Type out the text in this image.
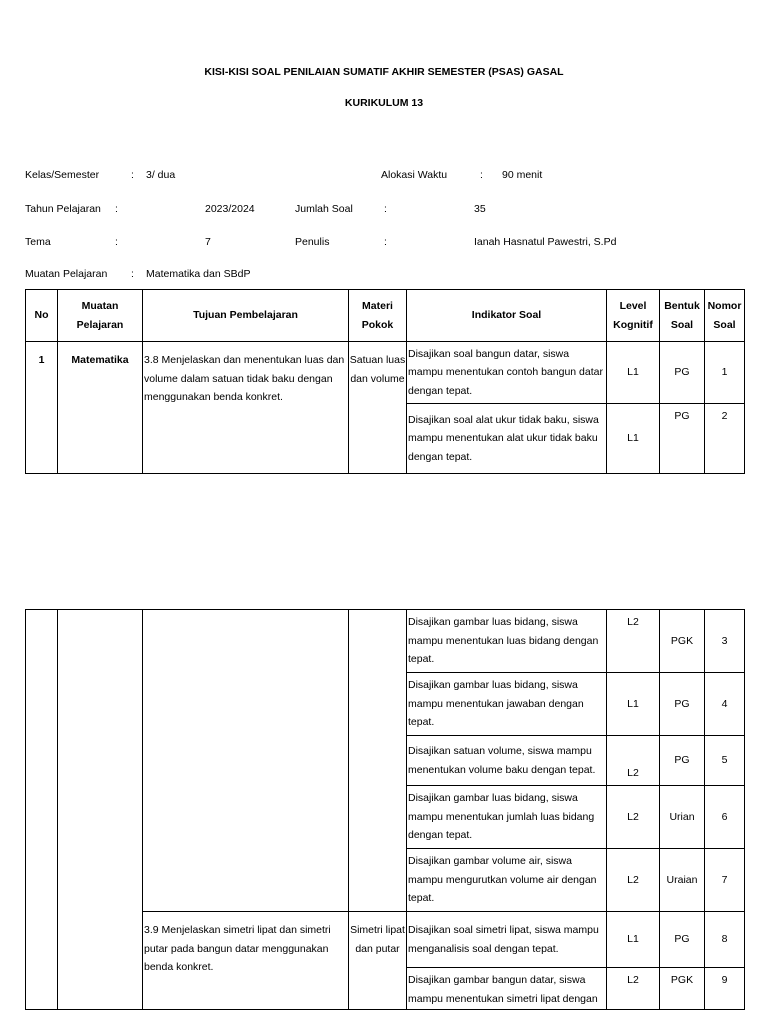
KISI-KISI SOAL PENILAIAN SUMATIF AKHIR SEMESTER (PSAS) GASAL
KURIKULUM 13
Kelas/Semester	: 3/ dua	Alokasi Waktu	: 90 menit
Tahun Pelajaran :	2023/2024	Jumlah Soal	:	35
Tema	:	7	Penulis	:	Ianah Hasnatul Pawestri, S.Pd
Muatan Pelajaran : Matematika dan SBdP
No	Muatan Pelajaran	Tujuan Pembelajaran	Materi Pokok	Indikator Soal	Level Kognitif	Bentuk Soal	Nomor Soal
1	Matematika	3.8 Menjelaskan dan menentukan luas dan volume dalam satuan tidak baku dengan menggunakan benda konkret.	Satuan luas dan volume	Disajikan soal bangun datar, siswa mampu menentukan contoh bangun datar dengan tepat.	L1	PG	1
				Disajikan soal alat ukur tidak baku, siswa mampu menentukan alat ukur tidak baku dengan tepat.	L1	PG	2
				Disajikan gambar luas bidang, siswa mampu menentukan luas bidang dengan tepat.	L2	PGK	3
				Disajikan gambar luas bidang, siswa mampu menentukan jawaban dengan tepat.	L1	PG	4
				Disajikan satuan volume, siswa mampu menentukan volume baku dengan tepat.	L2	PG	5
				Disajikan gambar luas bidang, siswa mampu menentukan jumlah luas bidang dengan tepat.	L2	Urian	6
				Disajikan gambar volume air, siswa mampu mengurutkan volume air dengan tepat.	L2	Uraian	7
		3.9 Menjelaskan simetri lipat dan simetri putar pada bangun datar menggunakan benda konkret.	Simetri lipat dan putar	Disajikan soal simetri lipat, siswa mampu menganalisis soal dengan tepat.	L1	PG	8
				Disajikan gambar bangun datar, siswa mampu menentukan simetri lipat dengan	L2	PGK	9
